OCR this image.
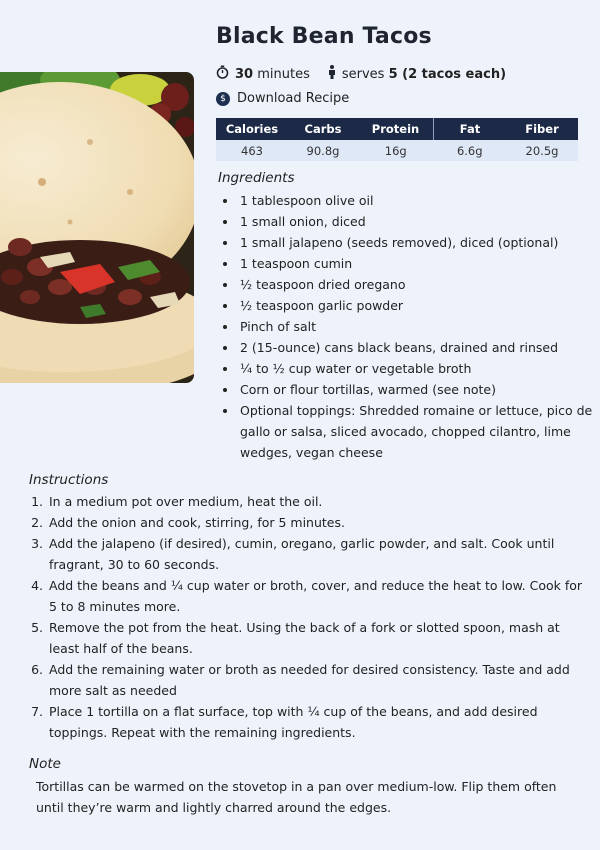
Black Bean Tacos
30 minutes serves 5 (2 tacos each)
$ Download Recipe
Calories	Carbs	Protein	Fat	Fiber
463	90.8g	16g	6.6g	20.5g
Ingredients
• 1 tablespoon olive oil
• 1 small onion, diced
• 1 small jalapeno (seeds removed), diced (optional)
• 1 teaspoon cumin
• ½ teaspoon dried oregano
• ½ teaspoon garlic powder
• Pinch of salt
• 2 (15-ounce) cans black beans, drained and rinsed
• ¼ to ½ cup water or vegetable broth
• Corn or flour tortillas, warmed (see note)
• Optional toppings: Shredded romaine or lettuce, pico de gallo or salsa, sliced avocado, chopped cilantro, lime wedges, vegan cheese
Instructions
1. In a medium pot over medium, heat the oil.
2. Add the onion and cook, stirring, for 5 minutes.
3. Add the jalapeno (if desired), cumin, oregano, garlic powder, and salt. Cook until fragrant, 30 to 60 seconds.
4. Add the beans and ¼ cup water or broth, cover, and reduce the heat to low. Cook for 5 to 8 minutes more.
5. Remove the pot from the heat. Using the back of a fork or slotted spoon, mash at least half of the beans.
6. Add the remaining water or broth as needed for desired consistency. Taste and add more salt as needed
7. Place 1 tortilla on a flat surface, top with ¼ cup of the beans, and add desired toppings. Repeat with the remaining ingredients.
Note
Tortillas can be warmed on the stovetop in a pan over medium-low. Flip them often until they’re warm and lightly charred around the edges.
